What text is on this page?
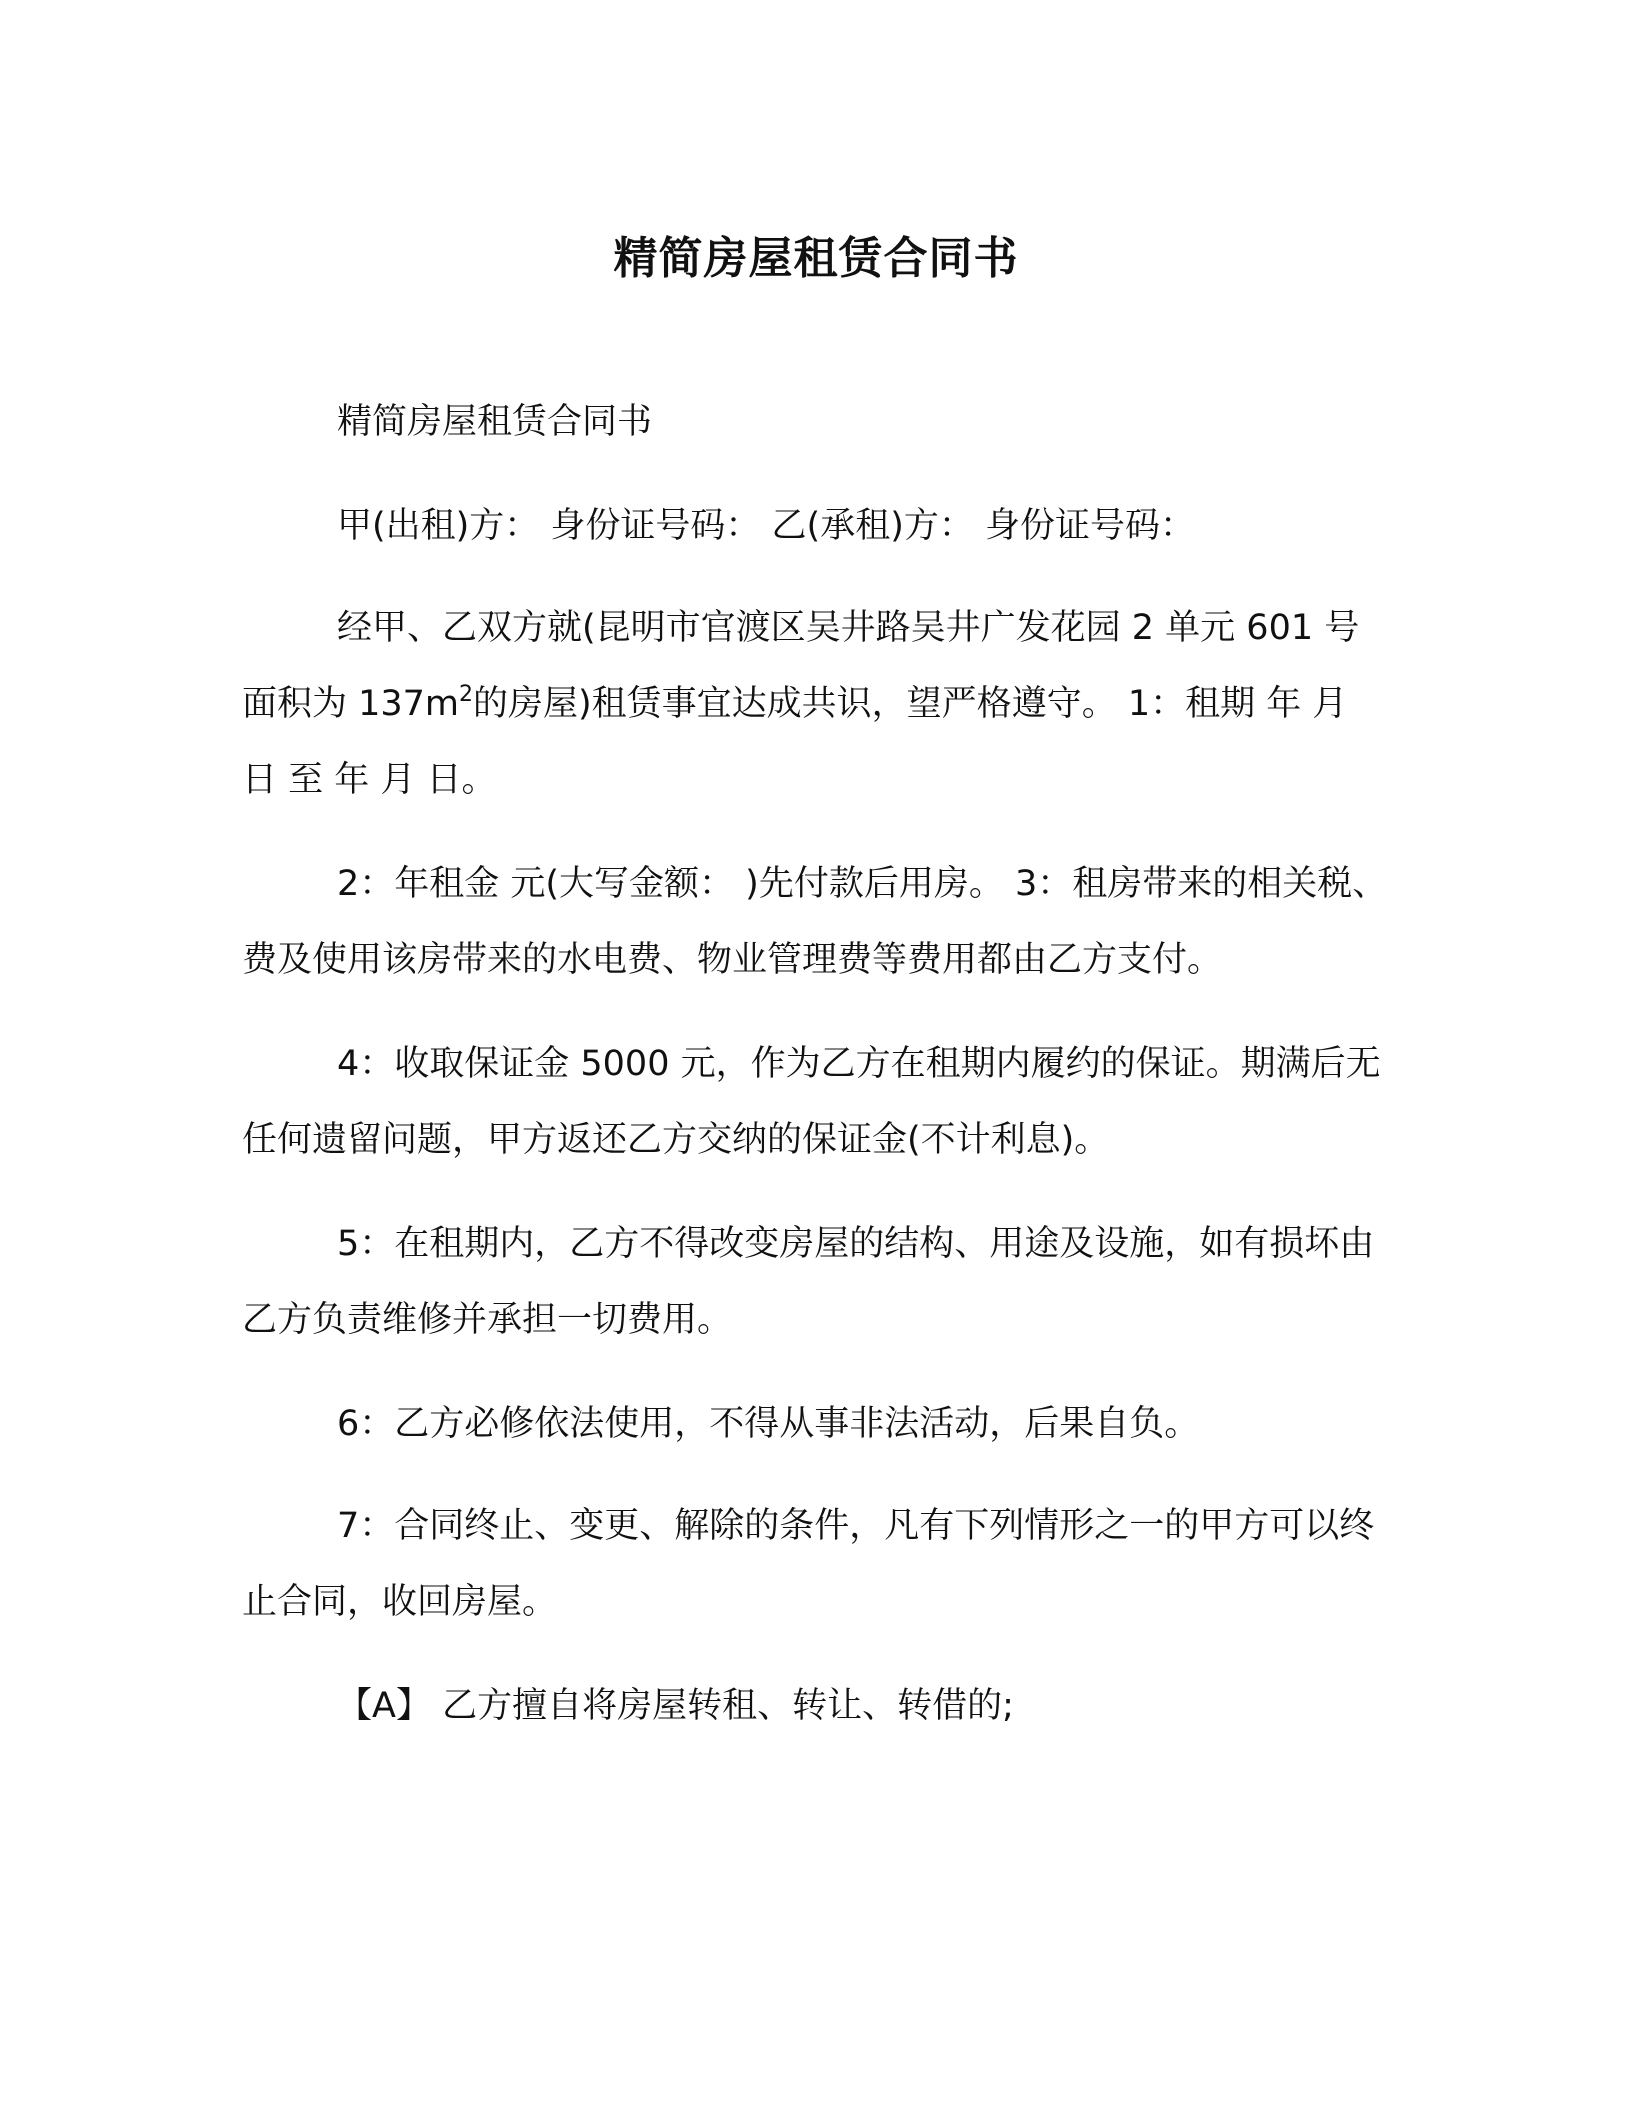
精简房屋租赁合同书

精简房屋租赁合同书

甲(出租)方： 身份证号码： 乙(承租)方： 身份证号码：

经甲、乙双方就(昆明市官渡区吴井路吴井广发花园 2 单元 601 号面积为 $137m^2$的房屋)租赁事宜达成共识，望严格遵守。 1：租期 年 月 日 至 年 月 日。

2：年租金 元(大写金额： )先付款后用房。 3：租房带来的相关税、费及使用该房带来的水电费、物业管理费等费用都由乙方支付。

4：收取保证金 5000 元，作为乙方在租期内履约的保证。期满后无任何遗留问题，甲方返还乙方交纳的保证金(不计利息)。

5：在租期内，乙方不得改变房屋的结构、用途及设施，如有损坏由乙方负责维修并承担一切费用。

6：乙方必修依法使用，不得从事非法活动，后果自负。

7：合同终止、变更、解除的条件，凡有下列情形之一的甲方可以终止合同，收回房屋。

【A】 乙方擅自将房屋转租、转让、转借的;
